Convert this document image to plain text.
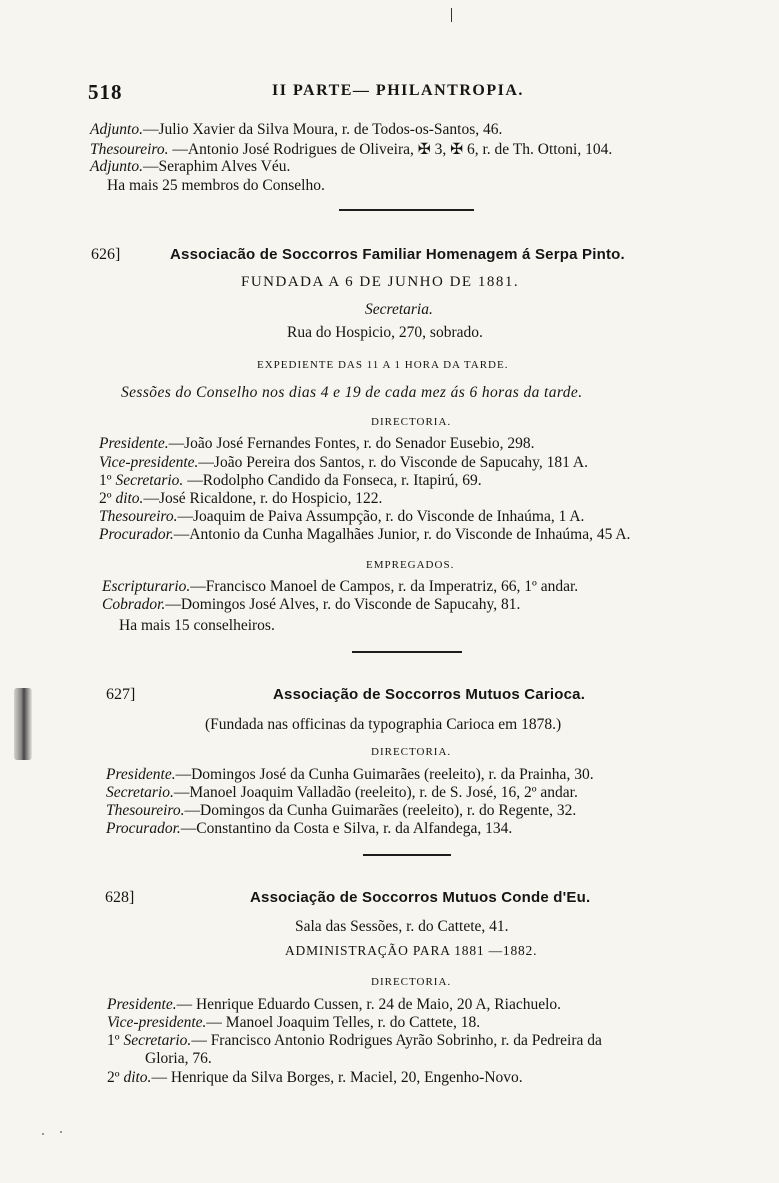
518	II PARTE— PHILANTROPIA.
Adjunto.—Julio Xavier da Silva Moura, r. de Todos-os-Santos, 46.
Thesoureiro. —Antonio José Rodrigues de Oliveira, ✠ 3, ✠ 6, r. de Th. Ottoni, 104.
Adjunto.—Seraphim Alves Véu.
Ha mais 25 membros do Conselho.
626]	Associacão de Soccorros Familiar Homenagem á Serpa Pinto.
FUNDADA A 6 DE JUNHO DE 1881.
Secretaria.
Rua do Hospicio, 270, sobrado.
EXPEDIENTE DAS 11 A 1 HORA DA TARDE.
Sessões do Conselho nos dias 4 e 19 de cada mez ás 6 horas da tarde.
DIRECTORIA.
Presidente.—João José Fernandes Fontes, r. do Senador Eusebio, 298.
Vice-presidente.—João Pereira dos Santos, r. do Visconde de Sapucahy, 181 A.
1º Secretario. —Rodolpho Candido da Fonseca, r. Itapirú, 69.
2º dito.—José Ricaldone, r. do Hospicio, 122.
Thesoureiro.—Joaquim de Paiva Assumpção, r. do Visconde de Inhaúma, 1 A.
Procurador.—Antonio da Cunha Magalhães Junior, r. do Visconde de Inhaúma, 45 A.
EMPREGADOS.
Escripturario.—Francisco Manoel de Campos, r. da Imperatriz, 66, 1º andar.
Cobrador.—Domingos José Alves, r. do Visconde de Sapucahy, 81.
Ha mais 15 conselheiros.
627]	Associação de Soccorros Mutuos Carioca.
(Fundada nas officinas da typographia Carioca em 1878.)
DIRECTORIA.
Presidente.—Domingos José da Cunha Guimarães (reeleito), r. da Prainha, 30.
Secretario.—Manoel Joaquim Valladão (reeleito), r. de S. José, 16, 2º andar.
Thesoureiro.—Domingos da Cunha Guimarães (reeleito), r. do Regente, 32.
Procurador.—Constantino da Costa e Silva, r. da Alfandega, 134.
628]	Associação de Soccorros Mutuos Conde d'Eu.
Sala das Sessões, r. do Cattete, 41.
ADMINISTRAÇÃO PARA 1881 —1882.
DIRECTORIA.
Presidente.— Henrique Eduardo Cussen, r. 24 de Maio, 20 A, Riachuelo.
Vice-presidente.— Manoel Joaquim Telles, r. do Cattete, 18.
1º Secretario.— Francisco Antonio Rodrigues Ayrão Sobrinho, r. da Pedreira da
Gloria, 76.
2º dito.— Henrique da Silva Borges, r. Maciel, 20, Engenho-Novo.
